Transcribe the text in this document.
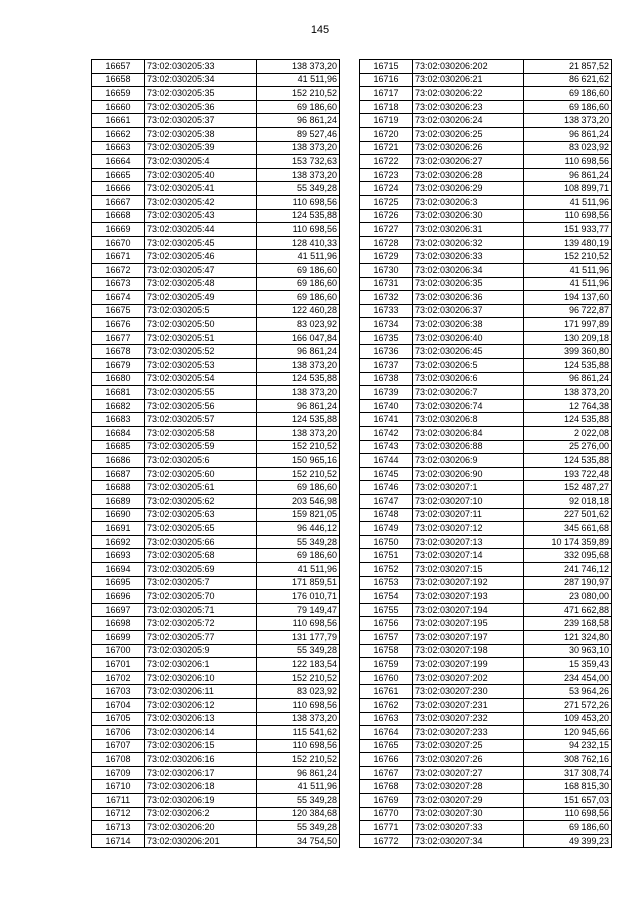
145
16657	73:02:030205:33	138 373,20
16658	73:02:030205:34	41 511,96
16659	73:02:030205:35	152 210,52
16660	73:02:030205:36	69 186,60
16661	73:02:030205:37	96 861,24
16662	73:02:030205:38	89 527,46
16663	73:02:030205:39	138 373,20
16664	73:02:030205:4	153 732,63
16665	73:02:030205:40	138 373,20
16666	73:02:030205:41	55 349,28
16667	73:02:030205:42	110 698,56
16668	73:02:030205:43	124 535,88
16669	73:02:030205:44	110 698,56
16670	73:02:030205:45	128 410,33
16671	73:02:030205:46	41 511,96
16672	73:02:030205:47	69 186,60
16673	73:02:030205:48	69 186,60
16674	73:02:030205:49	69 186,60
16675	73:02:030205:5	122 460,28
16676	73:02:030205:50	83 023,92
16677	73:02:030205:51	166 047,84
16678	73:02:030205:52	96 861,24
16679	73:02:030205:53	138 373,20
16680	73:02:030205:54	124 535,88
16681	73:02:030205:55	138 373,20
16682	73:02:030205:56	96 861,24
16683	73:02:030205:57	124 535,88
16684	73:02:030205:58	138 373,20
16685	73:02:030205:59	152 210,52
16686	73:02:030205:6	150 965,16
16687	73:02:030205:60	152 210,52
16688	73:02:030205:61	69 186,60
16689	73:02:030205:62	203 546,98
16690	73:02:030205:63	159 821,05
16691	73:02:030205:65	96 446,12
16692	73:02:030205:66	55 349,28
16693	73:02:030205:68	69 186,60
16694	73:02:030205:69	41 511,96
16695	73:02:030205:7	171 859,51
16696	73:02:030205:70	176 010,71
16697	73:02:030205:71	79 149,47
16698	73:02:030205:72	110 698,56
16699	73:02:030205:77	131 177,79
16700	73:02:030205:9	55 349,28
16701	73:02:030206:1	122 183,54
16702	73:02:030206:10	152 210,52
16703	73:02:030206:11	83 023,92
16704	73:02:030206:12	110 698,56
16705	73:02:030206:13	138 373,20
16706	73:02:030206:14	115 541,62
16707	73:02:030206:15	110 698,56
16708	73:02:030206:16	152 210,52
16709	73:02:030206:17	96 861,24
16710	73:02:030206:18	41 511,96
16711	73:02:030206:19	55 349,28
16712	73:02:030206:2	120 384,68
16713	73:02:030206:20	55 349,28
16714	73:02:030206:201	34 754,50
16715	73:02:030206:202	21 857,52
16716	73:02:030206:21	86 621,62
16717	73:02:030206:22	69 186,60
16718	73:02:030206:23	69 186,60
16719	73:02:030206:24	138 373,20
16720	73:02:030206:25	96 861,24
16721	73:02:030206:26	83 023,92
16722	73:02:030206:27	110 698,56
16723	73:02:030206:28	96 861,24
16724	73:02:030206:29	108 899,71
16725	73:02:030206:3	41 511,96
16726	73:02:030206:30	110 698,56
16727	73:02:030206:31	151 933,77
16728	73:02:030206:32	139 480,19
16729	73:02:030206:33	152 210,52
16730	73:02:030206:34	41 511,96
16731	73:02:030206:35	41 511,96
16732	73:02:030206:36	194 137,60
16733	73:02:030206:37	96 722,87
16734	73:02:030206:38	171 997,89
16735	73:02:030206:40	130 209,18
16736	73:02:030206:45	399 360,80
16737	73:02:030206:5	124 535,88
16738	73:02:030206:6	96 861,24
16739	73:02:030206:7	138 373,20
16740	73:02:030206:74	12 764,38
16741	73:02:030206:8	124 535,88
16742	73:02:030206:84	2 022,08
16743	73:02:030206:88	25 276,00
16744	73:02:030206:9	124 535,88
16745	73:02:030206:90	193 722,48
16746	73:02:030207:1	152 487,27
16747	73:02:030207:10	92 018,18
16748	73:02:030207:11	227 501,62
16749	73:02:030207:12	345 661,68
16750	73:02:030207:13	10 174 359,89
16751	73:02:030207:14	332 095,68
16752	73:02:030207:15	241 746,12
16753	73:02:030207:192	287 190,97
16754	73:02:030207:193	23 080,00
16755	73:02:030207:194	471 662,88
16756	73:02:030207:195	239 168,58
16757	73:02:030207:197	121 324,80
16758	73:02:030207:198	30 963,10
16759	73:02:030207:199	15 359,43
16760	73:02:030207:202	234 454,00
16761	73:02:030207:230	53 964,26
16762	73:02:030207:231	271 572,26
16763	73:02:030207:232	109 453,20
16764	73:02:030207:233	120 945,66
16765	73:02:030207:25	94 232,15
16766	73:02:030207:26	308 762,16
16767	73:02:030207:27	317 308,74
16768	73:02:030207:28	168 815,30
16769	73:02:030207:29	151 657,03
16770	73:02:030207:30	110 698,56
16771	73:02:030207:33	69 186,60
16772	73:02:030207:34	49 399,23
